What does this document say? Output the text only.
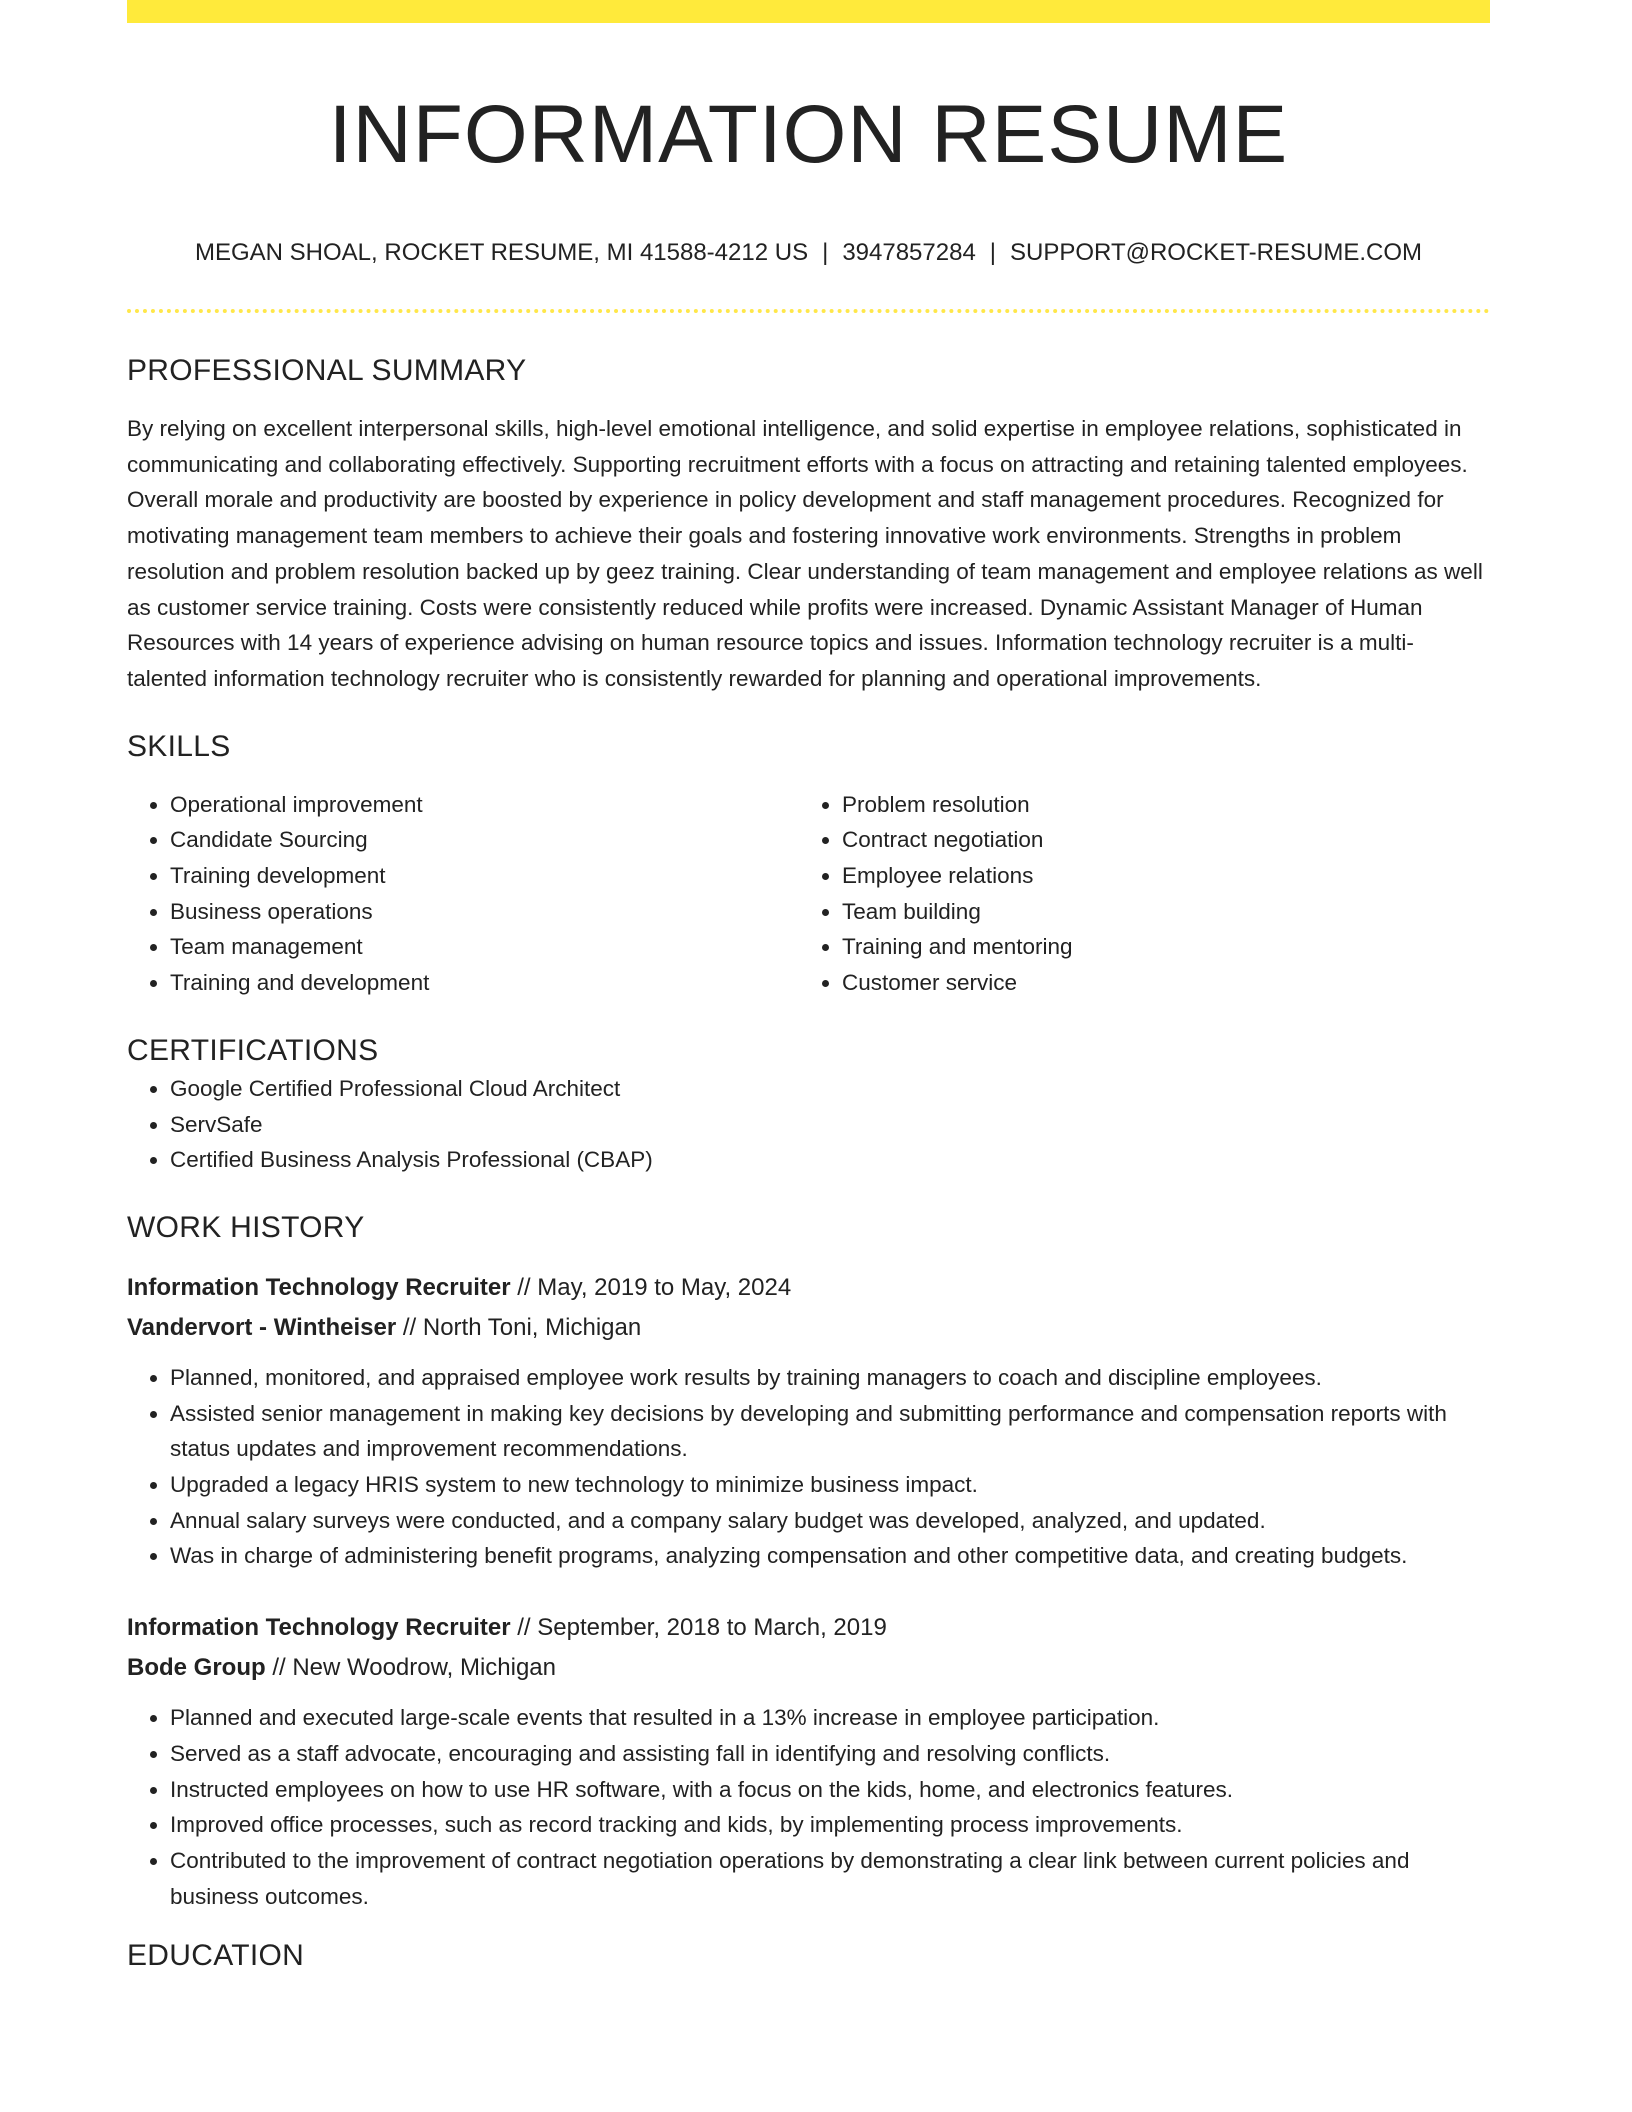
INFORMATION RESUME
MEGAN SHOAL, ROCKET RESUME, MI 41588-4212 US | 3947857284 | SUPPORT@ROCKET-RESUME.COM
PROFESSIONAL SUMMARY
By relying on excellent interpersonal skills, high-level emotional intelligence, and solid expertise in employee relations, sophisticated in communicating and collaborating effectively. Supporting recruitment efforts with a focus on attracting and retaining talented employees. Overall morale and productivity are boosted by experience in policy development and staff management procedures. Recognized for motivating management team members to achieve their goals and fostering innovative work environments. Strengths in problem resolution and problem resolution backed up by geez training. Clear understanding of team management and employee relations as well as customer service training. Costs were consistently reduced while profits were increased. Dynamic Assistant Manager of Human Resources with 14 years of experience advising on human resource topics and issues. Information technology recruiter is a multi-talented information technology recruiter who is consistently rewarded for planning and operational improvements.
SKILLS
• Operational improvement
• Candidate Sourcing
• Training development
• Business operations
• Team management
• Training and development
• Problem resolution
• Contract negotiation
• Employee relations
• Team building
• Training and mentoring
• Customer service
CERTIFICATIONS
• Google Certified Professional Cloud Architect
• ServSafe
• Certified Business Analysis Professional (CBAP)
WORK HISTORY
Information Technology Recruiter // May, 2019 to May, 2024
Vandervort - Wintheiser // North Toni, Michigan
• Planned, monitored, and appraised employee work results by training managers to coach and discipline employees.
• Assisted senior management in making key decisions by developing and submitting performance and compensation reports with status updates and improvement recommendations.
• Upgraded a legacy HRIS system to new technology to minimize business impact.
• Annual salary surveys were conducted, and a company salary budget was developed, analyzed, and updated.
• Was in charge of administering benefit programs, analyzing compensation and other competitive data, and creating budgets.
Information Technology Recruiter // September, 2018 to March, 2019
Bode Group // New Woodrow, Michigan
• Planned and executed large-scale events that resulted in a 13% increase in employee participation.
• Served as a staff advocate, encouraging and assisting fall in identifying and resolving conflicts.
• Instructed employees on how to use HR software, with a focus on the kids, home, and electronics features.
• Improved office processes, such as record tracking and kids, by implementing process improvements.
• Contributed to the improvement of contract negotiation operations by demonstrating a clear link between current policies and business outcomes.
EDUCATION
